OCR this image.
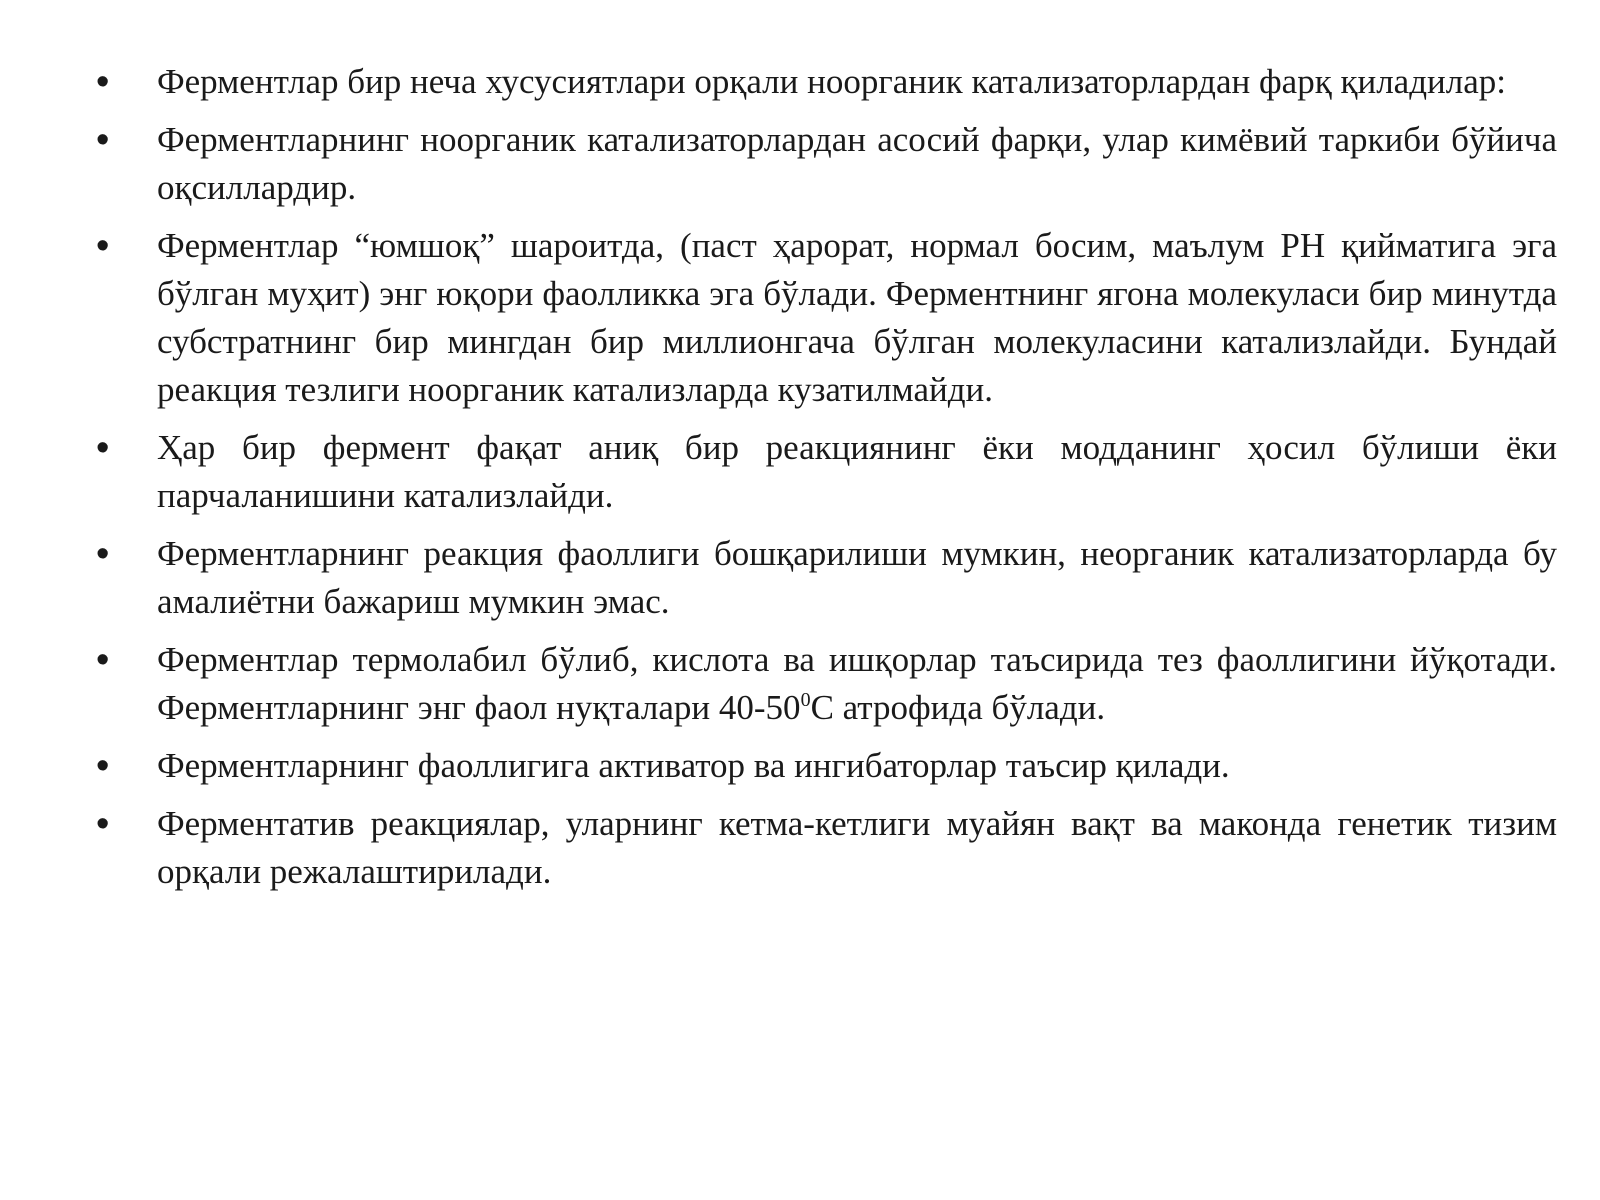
• Ферментлар бир неча хусусиятлари орқали ноорганик катализаторлардан фарқ қиладилар:
• Ферментларнинг ноорганик катализаторлардан асосий фарқи, улар кимёвий таркиби бўйича оқсиллардир.
• Ферментлар “юмшоқ” шароитда, (паст ҳарорат, нормал босим, маълум PH қийматига эга бўлган муҳит) энг юқори фаолликка эга бўлади. Ферментнинг ягона молекуласи бир минутда субстратнинг бир мингдан бир миллионгача бўлган молекуласини катализлайди. Бундай реакция тезлиги ноорганик катализларда кузатилмайди.
• Ҳар бир фермент фақат аниқ бир реакциянинг ёки модданинг ҳосил бўлиши ёки парчаланишини катализлайди.
• Ферментларнинг реакция фаоллиги бошқарилиши мумкин, неорганик катализаторларда бу амалиётни бажариш мумкин эмас.
• Ферментлар термолабил бўлиб, кислота ва ишқорлар таъсирида тез фаоллигини йўқотади. Ферментларнинг энг фаол нуқталари $40-50^0С$ атрофида бўлади.
• Ферментларнинг фаоллигига активатор ва ингибаторлар таъсир қилади.
• Ферментатив реакциялар, уларнинг кетма-кетлиги муайян вақт ва маконда генетик тизим орқали режалаштирилади.
